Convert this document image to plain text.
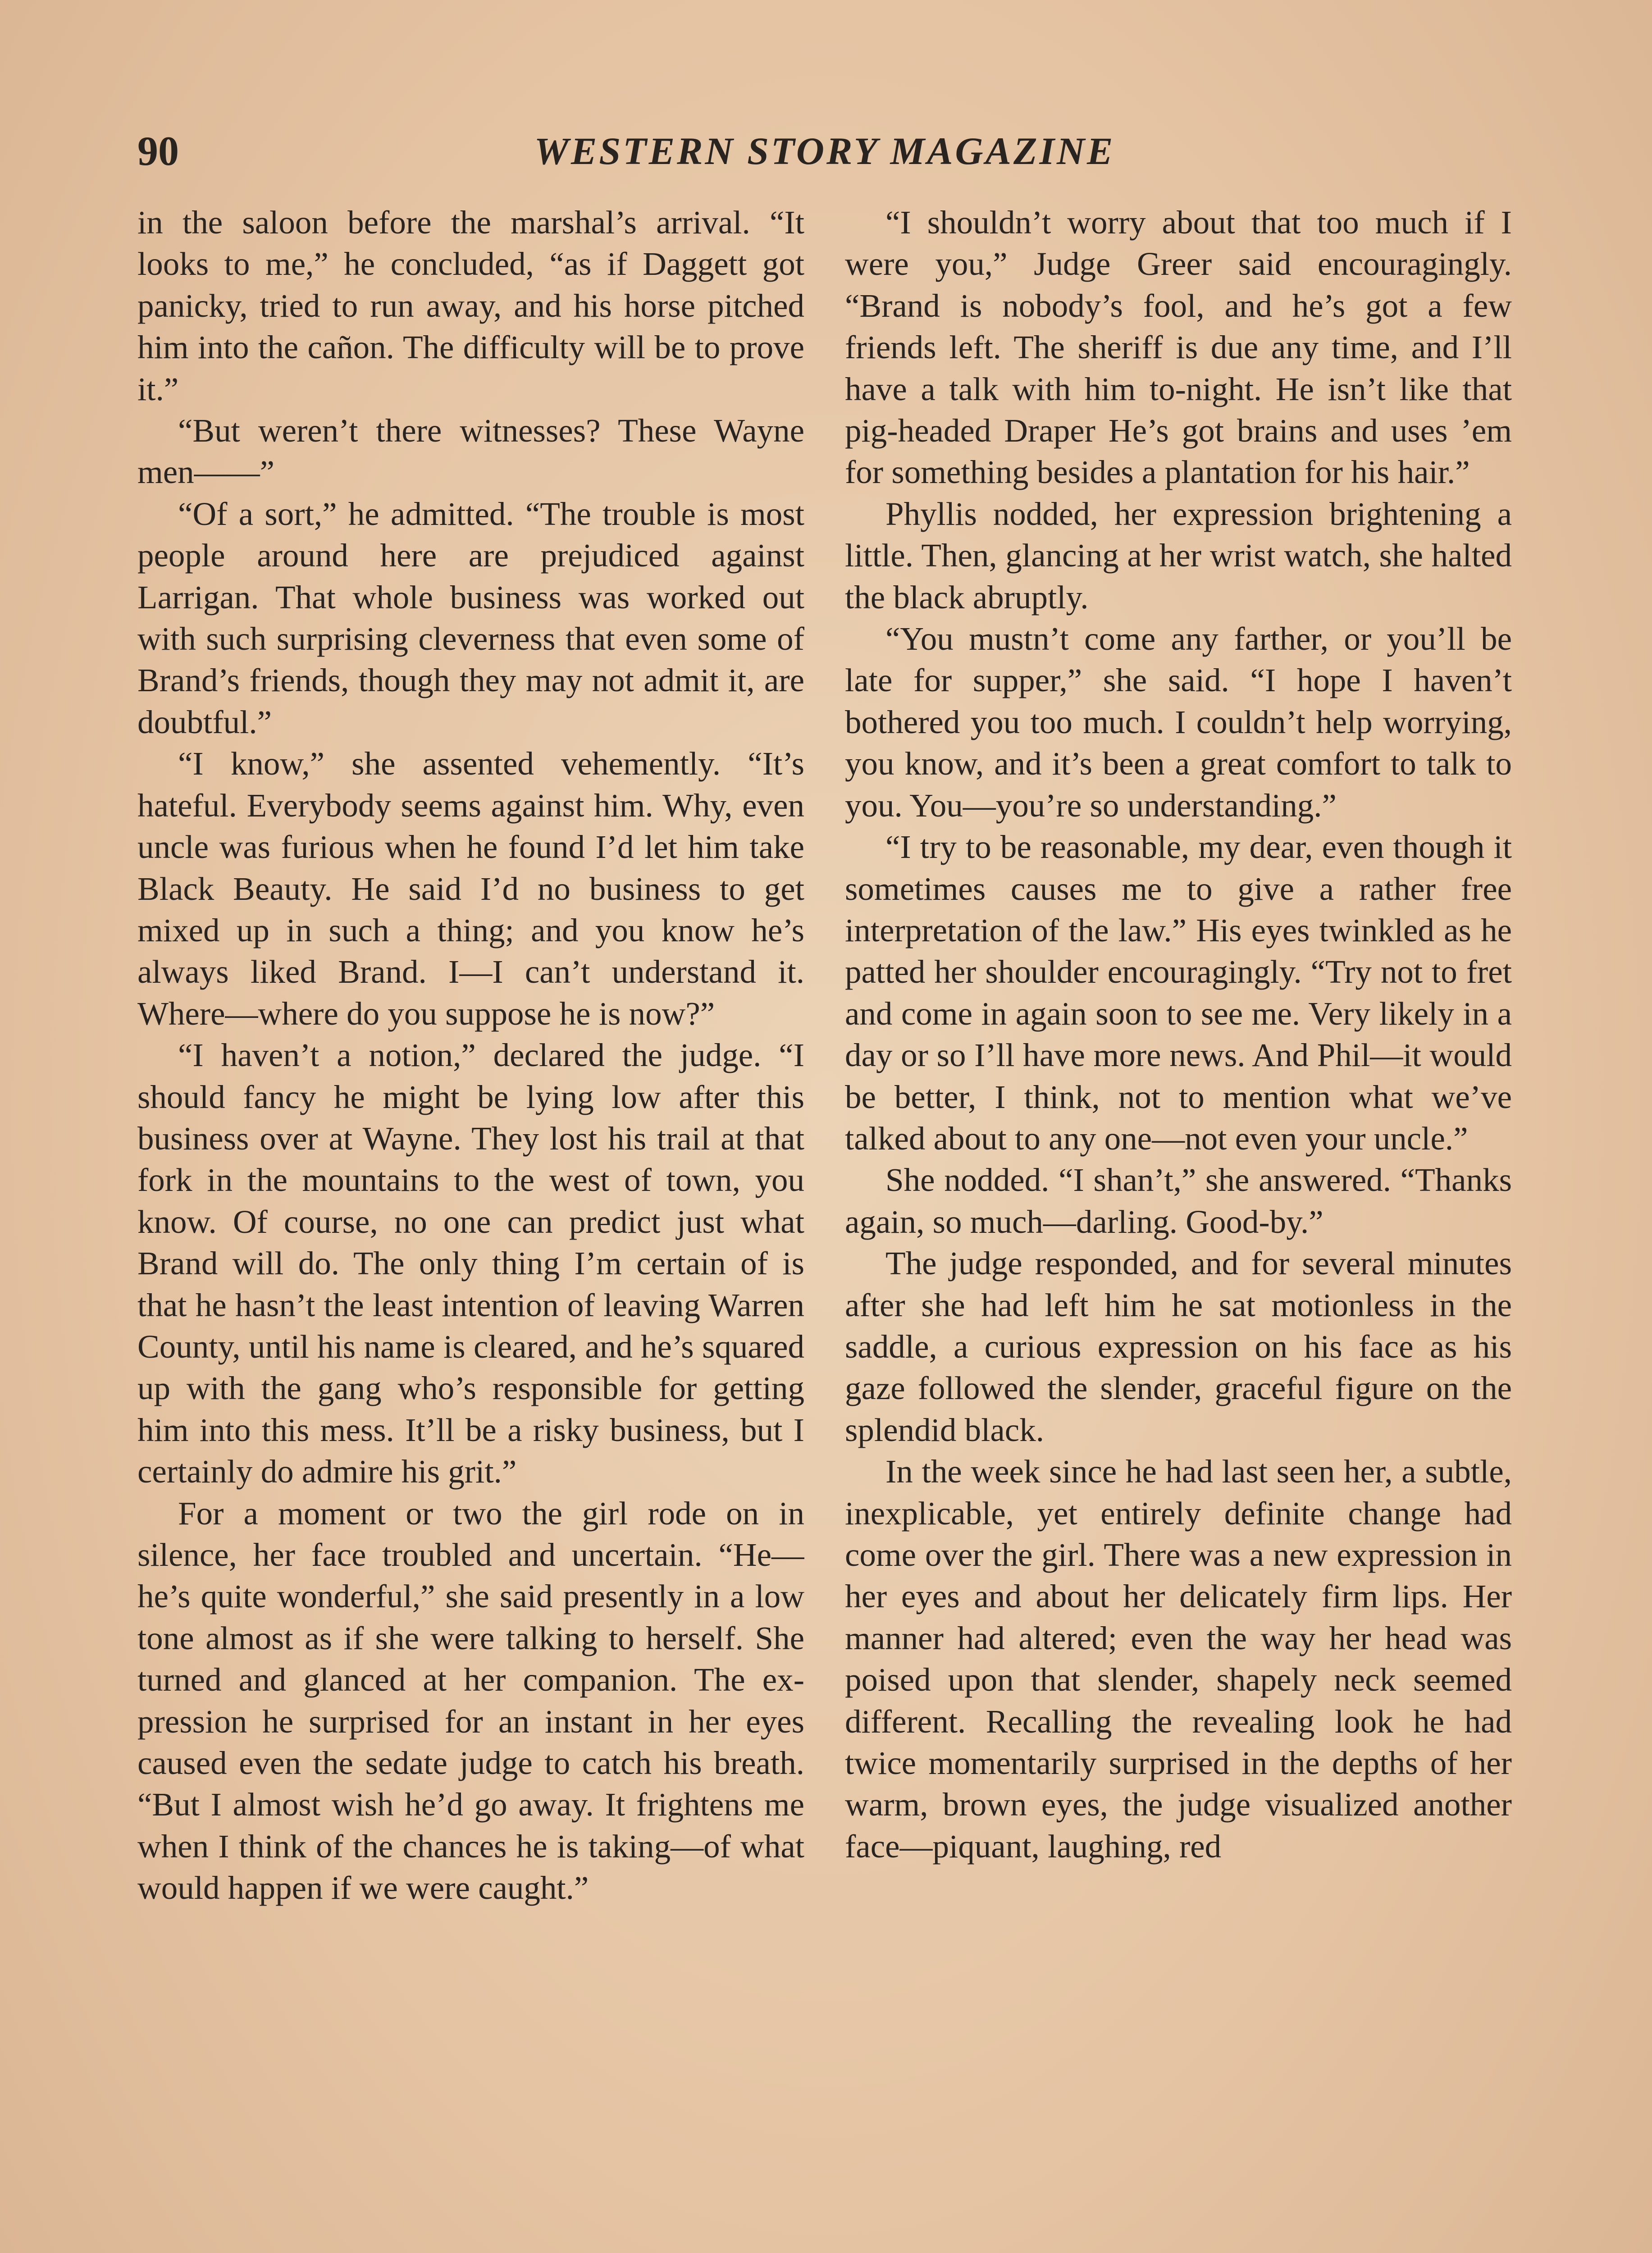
90	WESTERN STORY MAGAZINE

in the saloon before the marshal’s arrival. “It looks to me,” he concluded, “as if Daggett got panicky, tried to run away, and his horse pitched him into the cañon. The difficulty will be to prove it.”

“But weren’t there witnesses? These Wayne men——”

“Of a sort,” he admitted. “The trouble is most people around here are prejudiced against Larrigan. That whole business was worked out with such surprising cleverness that even some of Brand’s friends, though they may not admit it, are doubtful.”

“I know,” she assented vehemently. “It’s hateful. Everybody seems against him. Why, even uncle was furious when he found I’d let him take Black Beauty. He said I’d no business to get mixed up in such a thing; and you know he’s always liked Brand. I—I can’t understand it. Where—where do you suppose he is now?”

“I haven’t a notion,” declared the judge. “I should fancy he might be lying low after this business over at Wayne. They lost his trail at that fork in the mountains to the west of town, you know. Of course, no one can predict just what Brand will do. The only thing I’m certain of is that he hasn’t the least intention of leaving Warren County, until his name is cleared, and he’s squared up with the gang who’s responsible for getting him into this mess. It’ll be a risky business, but I certainly do admire his grit.”

For a moment or two the girl rode on in silence, her face troubled and uncertain. “He—he’s quite wonderful,” she said presently in a low tone almost as if she were talking to herself. She turned and glanced at her companion. The expression he surprised for an instant in her eyes caused even the sedate judge to catch his breath. “But I almost wish he’d go away. It frightens me when I think of the chances he is taking—of what would happen if we were caught.”

“I shouldn’t worry about that too much if I were you,” Judge Greer said encouragingly. “Brand is nobody’s fool, and he’s got a few friends left. The sheriff is due any time, and I’ll have a talk with him to-night. He isn’t like that pig-headed Draper He’s got brains and uses ’em for something besides a plantation for his hair.”

Phyllis nodded, her expression brightening a little. Then, glancing at her wrist watch, she halted the black abruptly.

“You mustn’t come any farther, or you’ll be late for supper,” she said. “I hope I haven’t bothered you too much. I couldn’t help worrying, you know, and it’s been a great comfort to talk to you. You—you’re so understanding.”

“I try to be reasonable, my dear, even though it sometimes causes me to give a rather free interpretation of the law.” His eyes twinkled as he patted her shoulder encouragingly. “Try not to fret and come in again soon to see me. Very likely in a day or so I’ll have more news. And Phil—it would be better, I think, not to mention what we’ve talked about to any one—not even your uncle.”

She nodded. “I shan’t,” she answered. “Thanks again, so much—darling. Good-by.”

The judge responded, and for several minutes after she had left him he sat motionless in the saddle, a curious expression on his face as his gaze followed the slender, graceful figure on the splendid black.

In the week since he had last seen her, a subtle, inexplicable, yet entirely definite change had come over the girl. There was a new expression in her eyes and about her delicately firm lips. Her manner had altered; even the way her head was poised upon that slender, shapely neck seemed different. Recalling the revealing look he had twice momentarily surprised in the depths of her warm, brown eyes, the judge visualized another face—piquant, laughing, red
